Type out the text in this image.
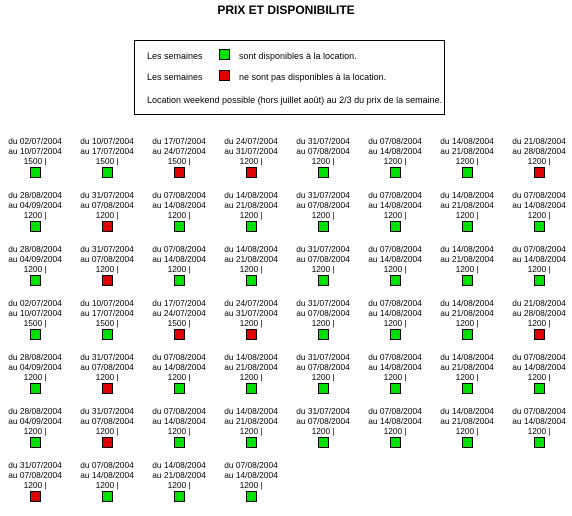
PRIX ET DISPONIBILITE
Les semaines	sont disponibles à la location.
Les semaines	ne sont pas disponibles à la location.
Location weekend possible (hors juillet août) au 2/3 du prix de la semaine.
du 02/07/2004
au 10/07/2004
1500 |
du 10/07/2004
au 17/07/2004
1500 |
du 17/07/2004
au 24/07/2004
1500 |
du 24/07/2004
au 31/07/2004
1200 |
du 31/07/2004
au 07/08/2004
1200 |
du 07/08/2004
au 14/08/2004
1200 |
du 14/08/2004
au 21/08/2004
1200 |
du 21/08/2004
au 28/08/2004
1200 |
du 28/08/2004
au 04/09/2004
1200 |
du 31/07/2004
au 07/08/2004
1200 |
du 07/08/2004
au 14/08/2004
1200 |
du 14/08/2004
au 21/08/2004
1200 |
du 31/07/2004
au 07/08/2004
1200 |
du 07/08/2004
au 14/08/2004
1200 |
du 14/08/2004
au 21/08/2004
1200 |
du 07/08/2004
au 14/08/2004
1200 |
du 28/08/2004
au 04/09/2004
1200 |
du 31/07/2004
au 07/08/2004
1200 |
du 07/08/2004
au 14/08/2004
1200 |
du 14/08/2004
au 21/08/2004
1200 |
du 31/07/2004
au 07/08/2004
1200 |
du 07/08/2004
au 14/08/2004
1200 |
du 14/08/2004
au 21/08/2004
1200 |
du 07/08/2004
au 14/08/2004
1200 |
du 02/07/2004
au 10/07/2004
1500 |
du 10/07/2004
au 17/07/2004
1500 |
du 17/07/2004
au 24/07/2004
1500 |
du 24/07/2004
au 31/07/2004
1200 |
du 31/07/2004
au 07/08/2004
1200 |
du 07/08/2004
au 14/08/2004
1200 |
du 14/08/2004
au 21/08/2004
1200 |
du 21/08/2004
au 28/08/2004
1200 |
du 28/08/2004
au 04/09/2004
1200 |
du 31/07/2004
au 07/08/2004
1200 |
du 07/08/2004
au 14/08/2004
1200 |
du 14/08/2004
au 21/08/2004
1200 |
du 31/07/2004
au 07/08/2004
1200 |
du 07/08/2004
au 14/08/2004
1200 |
du 14/08/2004
au 21/08/2004
1200 |
du 07/08/2004
au 14/08/2004
1200 |
du 28/08/2004
au 04/09/2004
1200 |
du 31/07/2004
au 07/08/2004
1200 |
du 07/08/2004
au 14/08/2004
1200 |
du 14/08/2004
au 21/08/2004
1200 |
du 31/07/2004
au 07/08/2004
1200 |
du 07/08/2004
au 14/08/2004
1200 |
du 14/08/2004
au 21/08/2004
1200 |
du 07/08/2004
au 14/08/2004
1200 |
du 31/07/2004
au 07/08/2004
1200 |
du 07/08/2004
au 14/08/2004
1200 |
du 14/08/2004
au 21/08/2004
1200 |
du 07/08/2004
au 14/08/2004
1200 |
